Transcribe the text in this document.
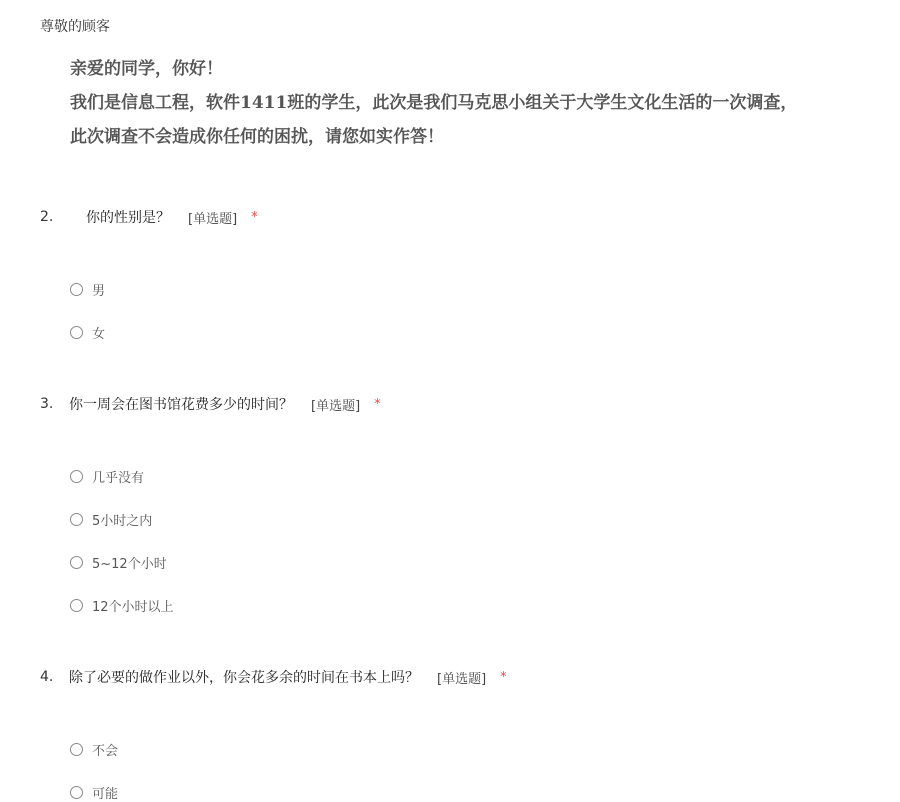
尊敬的顾客
亲爱的同学，你好！
我们是信息工程，软件1411班的学生，此次是我们马克思小组关于大学生文化生活的一次调查，
此次调查不会造成你任何的困扰，请您如实作答！
2.	你的性别是？ [单选题] *
男
女
3.	你一周会在图书馆花费多少的时间？ [单选题] *
几乎没有
5小时之内
5~12个小时
12个小时以上
4.	除了必要的做作业以外，你会花多余的时间在书本上吗？ [单选题] *
不会
可能
